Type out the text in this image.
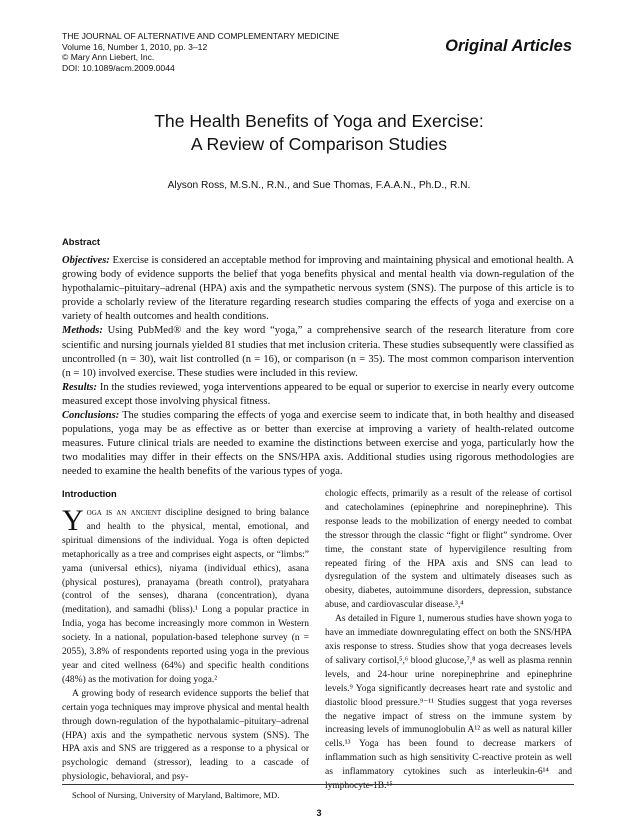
THE JOURNAL OF ALTERNATIVE AND COMPLEMENTARY MEDICINE
Volume 16, Number 1, 2010, pp. 3–12
© Mary Ann Liebert, Inc.
DOI: 10.1089/acm.2009.0044
Original Articles
The Health Benefits of Yoga and Exercise:
A Review of Comparison Studies
Alyson Ross, M.S.N., R.N., and Sue Thomas, F.A.A.N., Ph.D., R.N.
Abstract

Objectives: Exercise is considered an acceptable method for improving and maintaining physical and emotional health. A growing body of evidence supports the belief that yoga benefits physical and mental health via down-regulation of the hypothalamic–pituitary–adrenal (HPA) axis and the sympathetic nervous system (SNS). The purpose of this article is to provide a scholarly review of the literature regarding research studies comparing the effects of yoga and exercise on a variety of health outcomes and health conditions.

Methods: Using PubMed® and the key word “yoga,” a comprehensive search of the research literature from core scientific and nursing journals yielded 81 studies that met inclusion criteria. These studies subsequently were classified as uncontrolled (n = 30), wait list controlled (n = 16), or comparison (n = 35). The most common comparison intervention (n = 10) involved exercise. These studies were included in this review.

Results: In the studies reviewed, yoga interventions appeared to be equal or superior to exercise in nearly every outcome measured except those involving physical fitness.

Conclusions: The studies comparing the effects of yoga and exercise seem to indicate that, in both healthy and diseased populations, yoga may be as effective as or better than exercise at improving a variety of health-related outcome measures. Future clinical trials are needed to examine the distinctions between exercise and yoga, particularly how the two modalities may differ in their effects on the SNS/HPA axis. Additional studies using rigorous methodologies are needed to examine the health benefits of the various types of yoga.

Introduction

Yoga is an ancient discipline designed to bring balance and health to the physical, mental, emotional, and spiritual dimensions of the individual. Yoga is often depicted metaphorically as a tree and comprises eight aspects, or “limbs:” yama (universal ethics), niyama (individual ethics), asana (physical postures), pranayama (breath control), pratyahara (control of the senses), dharana (concentration), dyana (meditation), and samadhi (bliss).¹ Long a popular practice in India, yoga has become increasingly more common in Western society. In a national, population-based telephone survey (n = 2055), 3.8% of respondents reported using yoga in the previous year and cited wellness (64%) and specific health conditions (48%) as the motivation for doing yoga.²

A growing body of research evidence supports the belief that certain yoga techniques may improve physical and mental health through down-regulation of the hypothalamic–pituitary–adrenal (HPA) axis and the sympathetic nervous system (SNS). The HPA axis and SNS are triggered as a response to a physical or psychologic demand (stressor), leading to a cascade of physiologic, behavioral, and psy-

chologic effects, primarily as a result of the release of cortisol and catecholamines (epinephrine and norepinephrine). This response leads to the mobilization of energy needed to combat the stressor through the classic “fight or flight” syndrome. Over time, the constant state of hypervigilence resulting from repeated firing of the HPA axis and SNS can lead to dysregulation of the system and ultimately diseases such as obesity, diabetes, autoimmune disorders, depression, substance abuse, and cardiovascular disease.³,⁴

As detailed in Figure 1, numerous studies have shown yoga to have an immediate downregulating effect on both the SNS/HPA axis response to stress. Studies show that yoga decreases levels of salivary cortisol,⁵,⁶ blood glucose,⁷,⁸ as well as plasma rennin levels, and 24-hour urine norepinephrine and epinephrine levels.⁹ Yoga significantly decreases heart rate and systolic and diastolic blood pressure.⁹⁻¹¹ Studies suggest that yoga reverses the negative impact of stress on the immune system by increasing levels of immunoglobulin A¹² as well as natural killer cells.¹³ Yoga has been found to decrease markers of inflammation such as high sensitivity C-reactive protein as well as inflammatory cytokines such as interleukin-6¹⁴ and lymphocyte-1B.¹⁵

School of Nursing, University of Maryland, Baltimore, MD.
3
